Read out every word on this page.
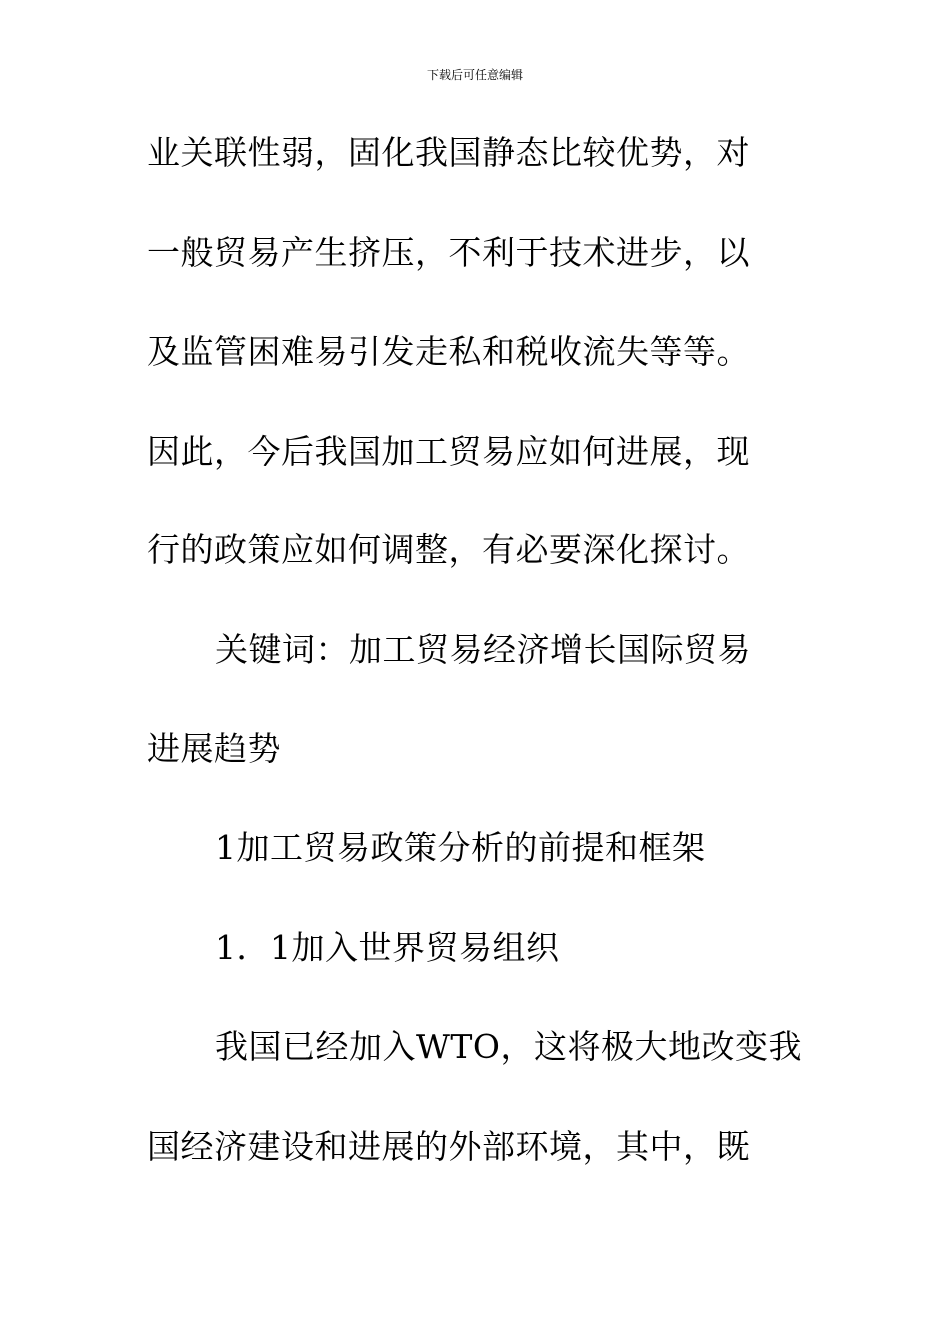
下载后可任意编辑
业关联性弱，固化我国静态比较优势，对
一般贸易产生挤压，不利于技术进步，以
及监管困难易引发走私和税收流失等等。
因此，今后我国加工贸易应如何进展，现
行的政策应如何调整，有必要深化探讨。
关键词：加工贸易经济增长国际贸易
进展趋势
1加工贸易政策分析的前提和框架
1．1加入世界贸易组织
我国已经加入WTO，这将极大地改变我
国经济建设和进展的外部环境，其中，既
